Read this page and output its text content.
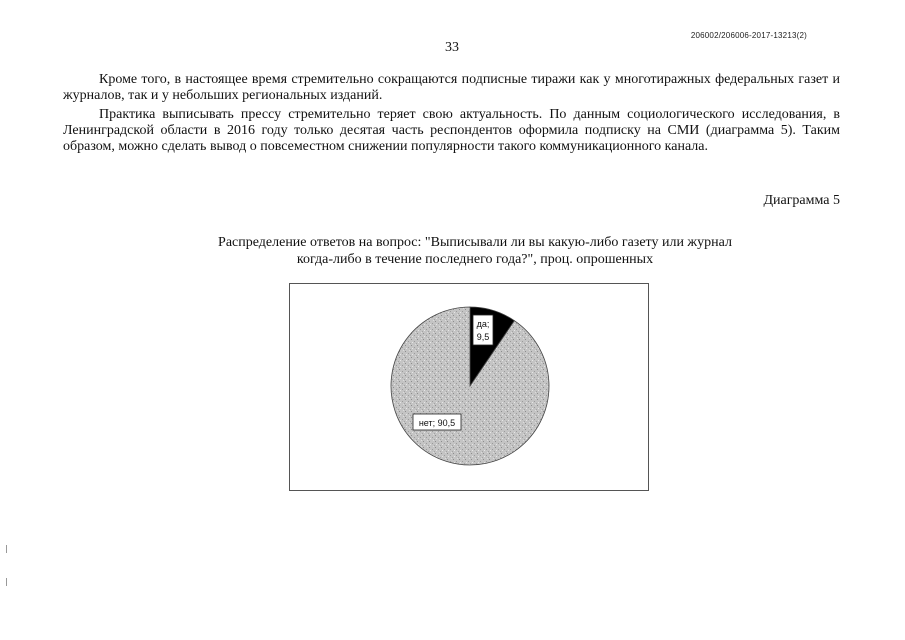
206002/206006-2017-13213(2)
33

Кроме того, в настоящее время стремительно сокращаются подписные тиражи как у многотиражных федеральных газет и журналов, так и у небольших региональных изданий.

Практика выписывать прессу стремительно теряет свою актуальность. По данным социологического исследования, в Ленинградской области в 2016 году только десятая часть респондентов оформила подписку на СМИ (диаграмма 5). Таким образом, можно сделать вывод о повсеместном снижении популярности такого коммуникационного канала.

Диаграмма 5
Распределение ответов на вопрос: "Выписывали ли вы какую-либо газету или журнал
когда-либо в течение последнего года?", проц. опрошенных
да;
9,5
нет; 90,5
